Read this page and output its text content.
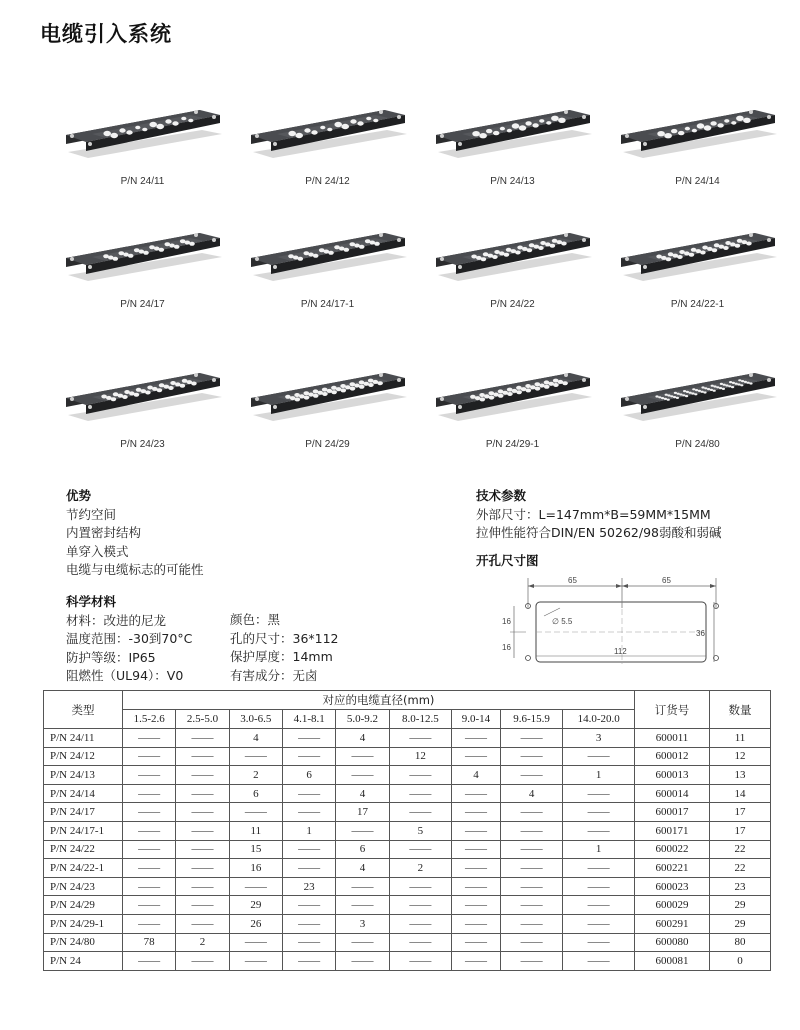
电缆引入系统
P/N 24/11	P/N 24/12	P/N 24/13	P/N 24/14
P/N 24/17	P/N 24/17-1	P/N 24/22	P/N 24/22-1
P/N 24/23	P/N 24/29	P/N 24/29-1	P/N 24/80
优势
节约空间
内置密封结构
单穿入模式
电缆与电缆标志的可能性
科学材料
材料：改进的尼龙
温度范围：-30到70°C
防护等级：IP65
阻燃性（UL94）：V0
颜色：黑
孔的尺寸：36*112
保护厚度：14mm
有害成分：无卤
技术参数
外部尺寸：L=147mm*B=59MM*15MM
拉伸性能符合DIN/EN 50262/98弱酸和弱碱
开孔尺寸图
65	65
16
16
36
112
∅ 5.5
类型	对应的电缆直径(mm)									订货号	数量
	1.5-2.6	2.5-5.0	3.0-6.5	4.1-8.1	5.0-9.2	8.0-12.5	9.0-14	9.6-15.9	14.0-20.0		
P/N 24/11	——	——	4	——	4	——	——	——	3	600011	11
P/N 24/12	——	——	——	——	——	12	——	——	——	600012	12
P/N 24/13	——	——	2	6	——	——	4	——	1	600013	13
P/N 24/14	——	——	6	——	4	——	——	4	——	600014	14
P/N 24/17	——	——	——	——	17	——	——	——	——	600017	17
P/N 24/17-1	——	——	11	1	——	5	——	——	——	600171	17
P/N 24/22	——	——	15	——	6	——	——	——	1	600022	22
P/N 24/22-1	——	——	16	——	4	2	——	——	——	600221	22
P/N 24/23	——	——	——	23	——	——	——	——	——	600023	23
P/N 24/29	——	——	29	——	——	——	——	——	——	600029	29
P/N 24/29-1	——	——	26	——	3	——	——	——	——	600291	29
P/N 24/80	78	2	——	——	——	——	——	——	——	600080	80
P/N 24	——	——	——	——	——	——	——	——	——	600081	0
